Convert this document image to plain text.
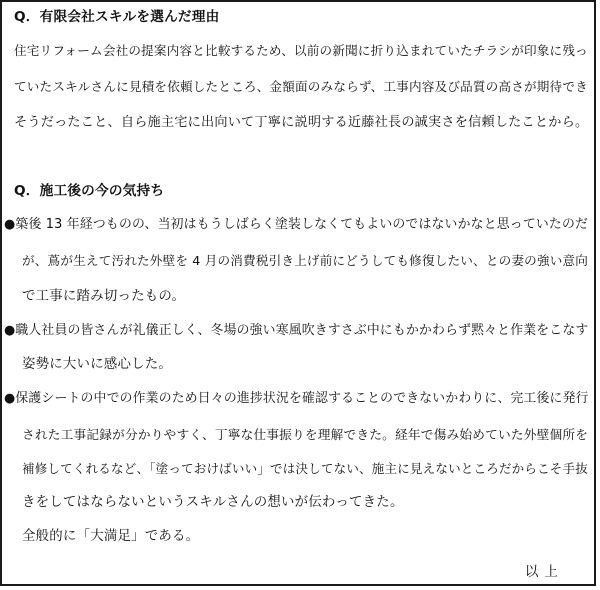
Q．有限会社スキルを選んだ理由
住宅リフォーム会社の提案内容と比較するため、以前の新聞に折り込まれていたチラシが印象に残っ
ていたスキルさんに見積を依頼したところ、金額面のみならず、工事内容及び品質の高さが期待でき
そうだったこと、自ら施主宅に出向いて丁寧に説明する近藤社長の誠実さを信頼したことから。
Q．施工後の今の気持ち
●築後 13 年経つものの、当初はもうしばらく塗装しなくてもよいのではないかなと思っていたのだ
が、蔦が生えて汚れた外壁を 4 月の消費税引き上げ前にどうしても修復したい、との妻の強い意向
で工事に踏み切ったもの。
●職人社員の皆さんが礼儀正しく、冬場の強い寒風吹きすさぶ中にもかかわらず黙々と作業をこなす
姿勢に大いに感心した。
●保護シートの中での作業のため日々の進捗状況を確認することのできないかわりに、完工後に発行
された工事記録が分かりやすく、丁寧な仕事振りを理解できた。経年で傷み始めていた外壁個所を
補修してくれるなど、「塗っておけばいい」では決してない、施主に見えないところだからこそ手抜
きをしてはならないというスキルさんの想いが伝わってきた。
全般的に「大満足」である。
以上
